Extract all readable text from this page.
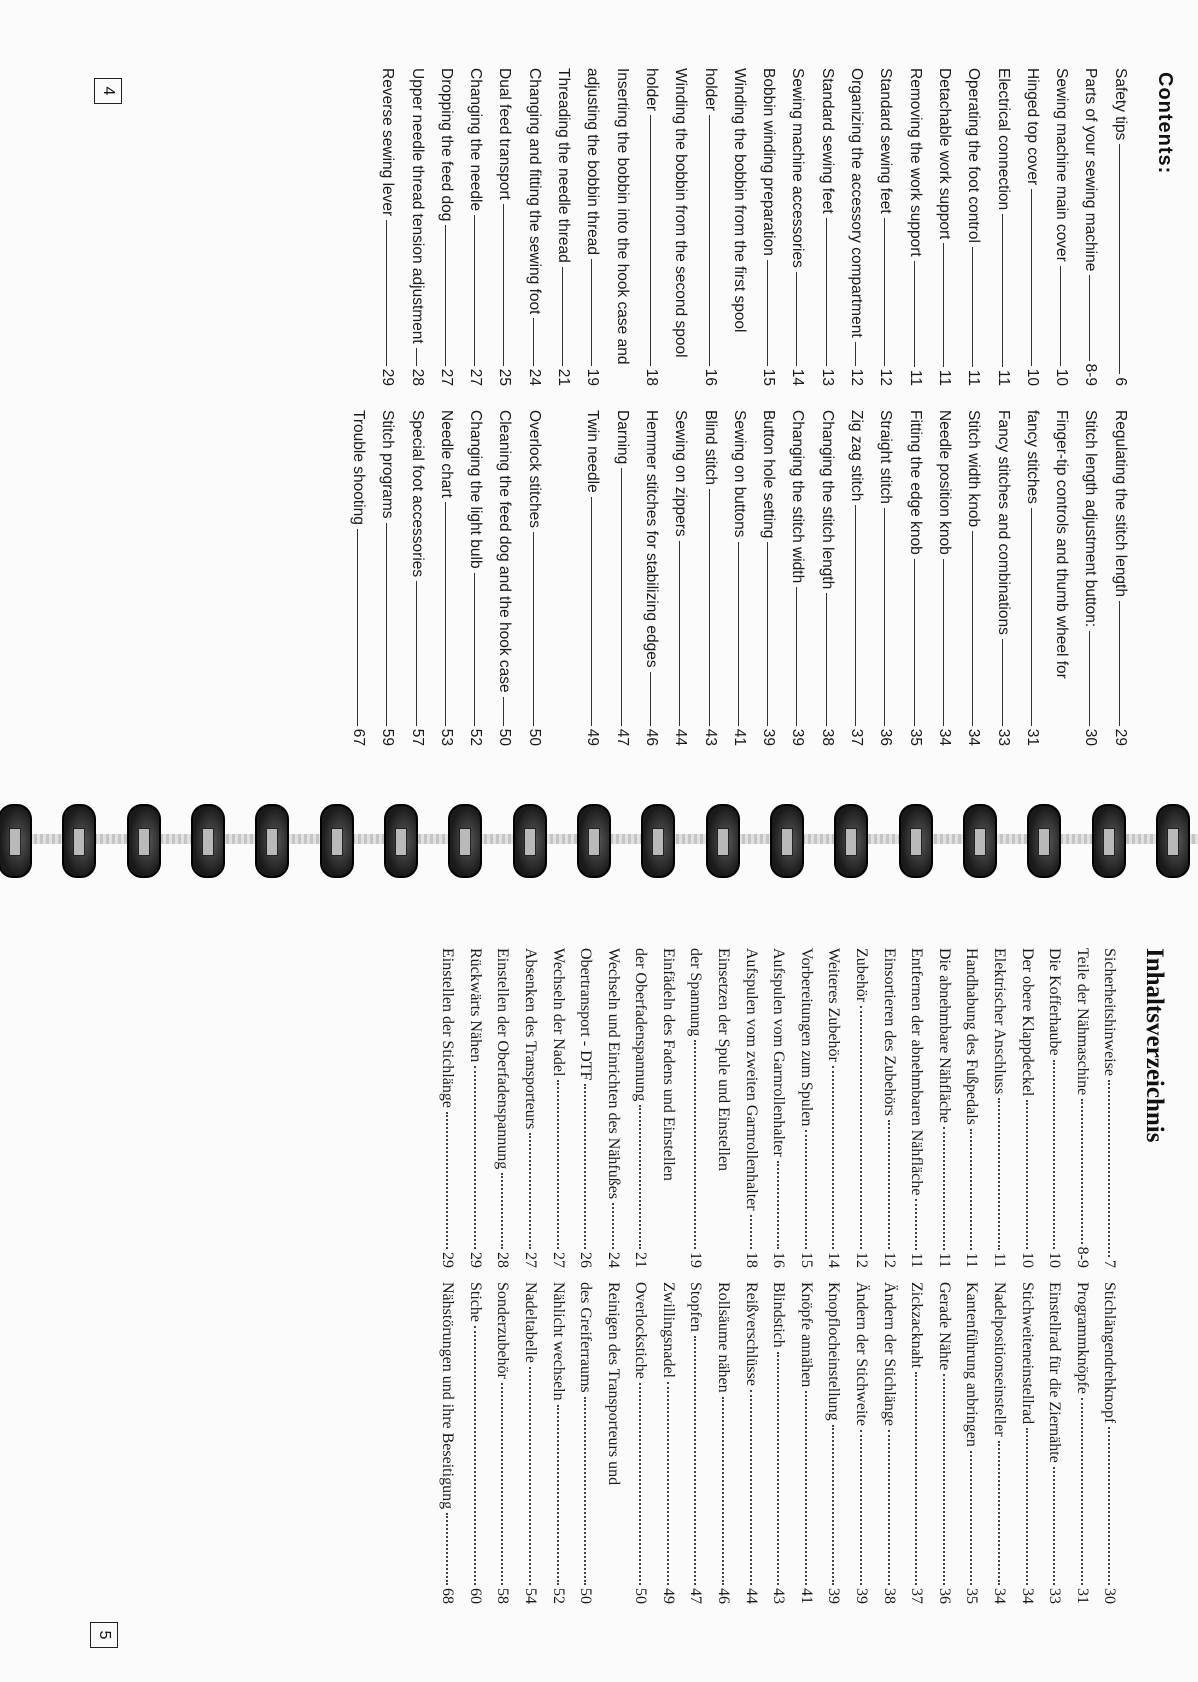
Contents:
Safety tips
6
Parts of your sewing machine
8-9
Sewing machine main cover
10
Hinged top cover
10
Electrical connection
11
Operating the foot control
11
Detachable work support
11
Removing the work support
11
Standard sewing feet
12
Organizing the accessory compartment
12
Standard sewing feet
13
Sewing machine accessories
14
Bobbin winding preparation
15
Winding the bobbin from the first spool
holder
16
Winding the bobbin from the second spool
holder
18
Inserting the bobbin into the hook case and
adjusting the bobbin thread
19
Threading the needle thread
21
Changing and fitting the sewing foot
24
Dual feed transport
25
Changing the needle
27
Dropping the feed dog
27
Upper needle thread tension adjustment
28
Reverse sewing lever
29
Regulating the stitch length
29
Stitch length adjustment button:
30
Finger-tip controls and thumb wheel for
fancy stitches
31
Fancy stitches and combinations
33
Stitch width knob
34
Needle position knob
34
Fitting the edge knob
35
Straight stitch
36
Zig zag stitch
37
Changing the stitch length
38
Changing the stitch width
39
Button hole setting
39
Sewing on buttons
41
Blind stitch
43
Sewing on zippers
44
Hemmer stitches for stabilizing edges
46
Darning
47
Twin needle
49
Overlock stitches
50
Cleaning the feed dog and the hook case
50
Changing the light bulb
52
Needle chart
53
Special foot accessories
57
Stitch programs
59
Trouble shooting
67
4
Inhaltsverzeichnis
Sicherheitshinweise
7
Teile der Nähmaschine
8-9
Die Kofferhaube
10
Der obere Klappdeckel
10
Elektrischer Anschluss
11
Handhabung des Fußpedals
11
Die abnehmbare Nähfläche
11
Entfernen der abnehmbaren Nähfläche
11
Einsortieren des Zubehörs
12
Zubehör
12
Weiteres Zubehör
14
Vorbereitungen zum Spulen
15
Aufspulen vom Garnrollenhalter
16
Aufspulen vom zweiten Garnrollenhalter
18
Einsetzen der Spule und Einstellen
der Spannung
19
Einfädeln des Fadens und Einstellen
der Oberfadenspannung
21
Wechseln und Einrichten des Nähfußes
24
Obertransport - DTF
26
Wechseln der Nadel
27
Absenken des Transporteurs
27
Einstellen der Oberfadenspannung
28
Rückwärts Nähen
29
Einstellen der Stichlänge
29
Stichlängendrehknopf
30
Programmknöpfe
31
Einstellrad für die Ziernähte
33
Stichweiteneinstellrad
34
Nadelpositionseinsteller
34
Kantenführung anbringen
35
Gerade Nähte
36
Zickzacknaht
37
Ändern der Stichlänge
38
Ändern der Stichweite
39
Knopflocheinstellung
39
Knöpfe annähen
41
Blindstich
43
Reißverschlüsse
44
Rollsäume nähen
46
Stopfen
47
Zwillingsnadel
49
Overlockstiche
50
Reinigen des Transporteurs und
des Greiferraums
50
Nählicht wechseln
52
Nadeltabelle
54
Sonderzubehör
58
Stiche
60
Nähstörungen und ihre Beseitigung
68
5
